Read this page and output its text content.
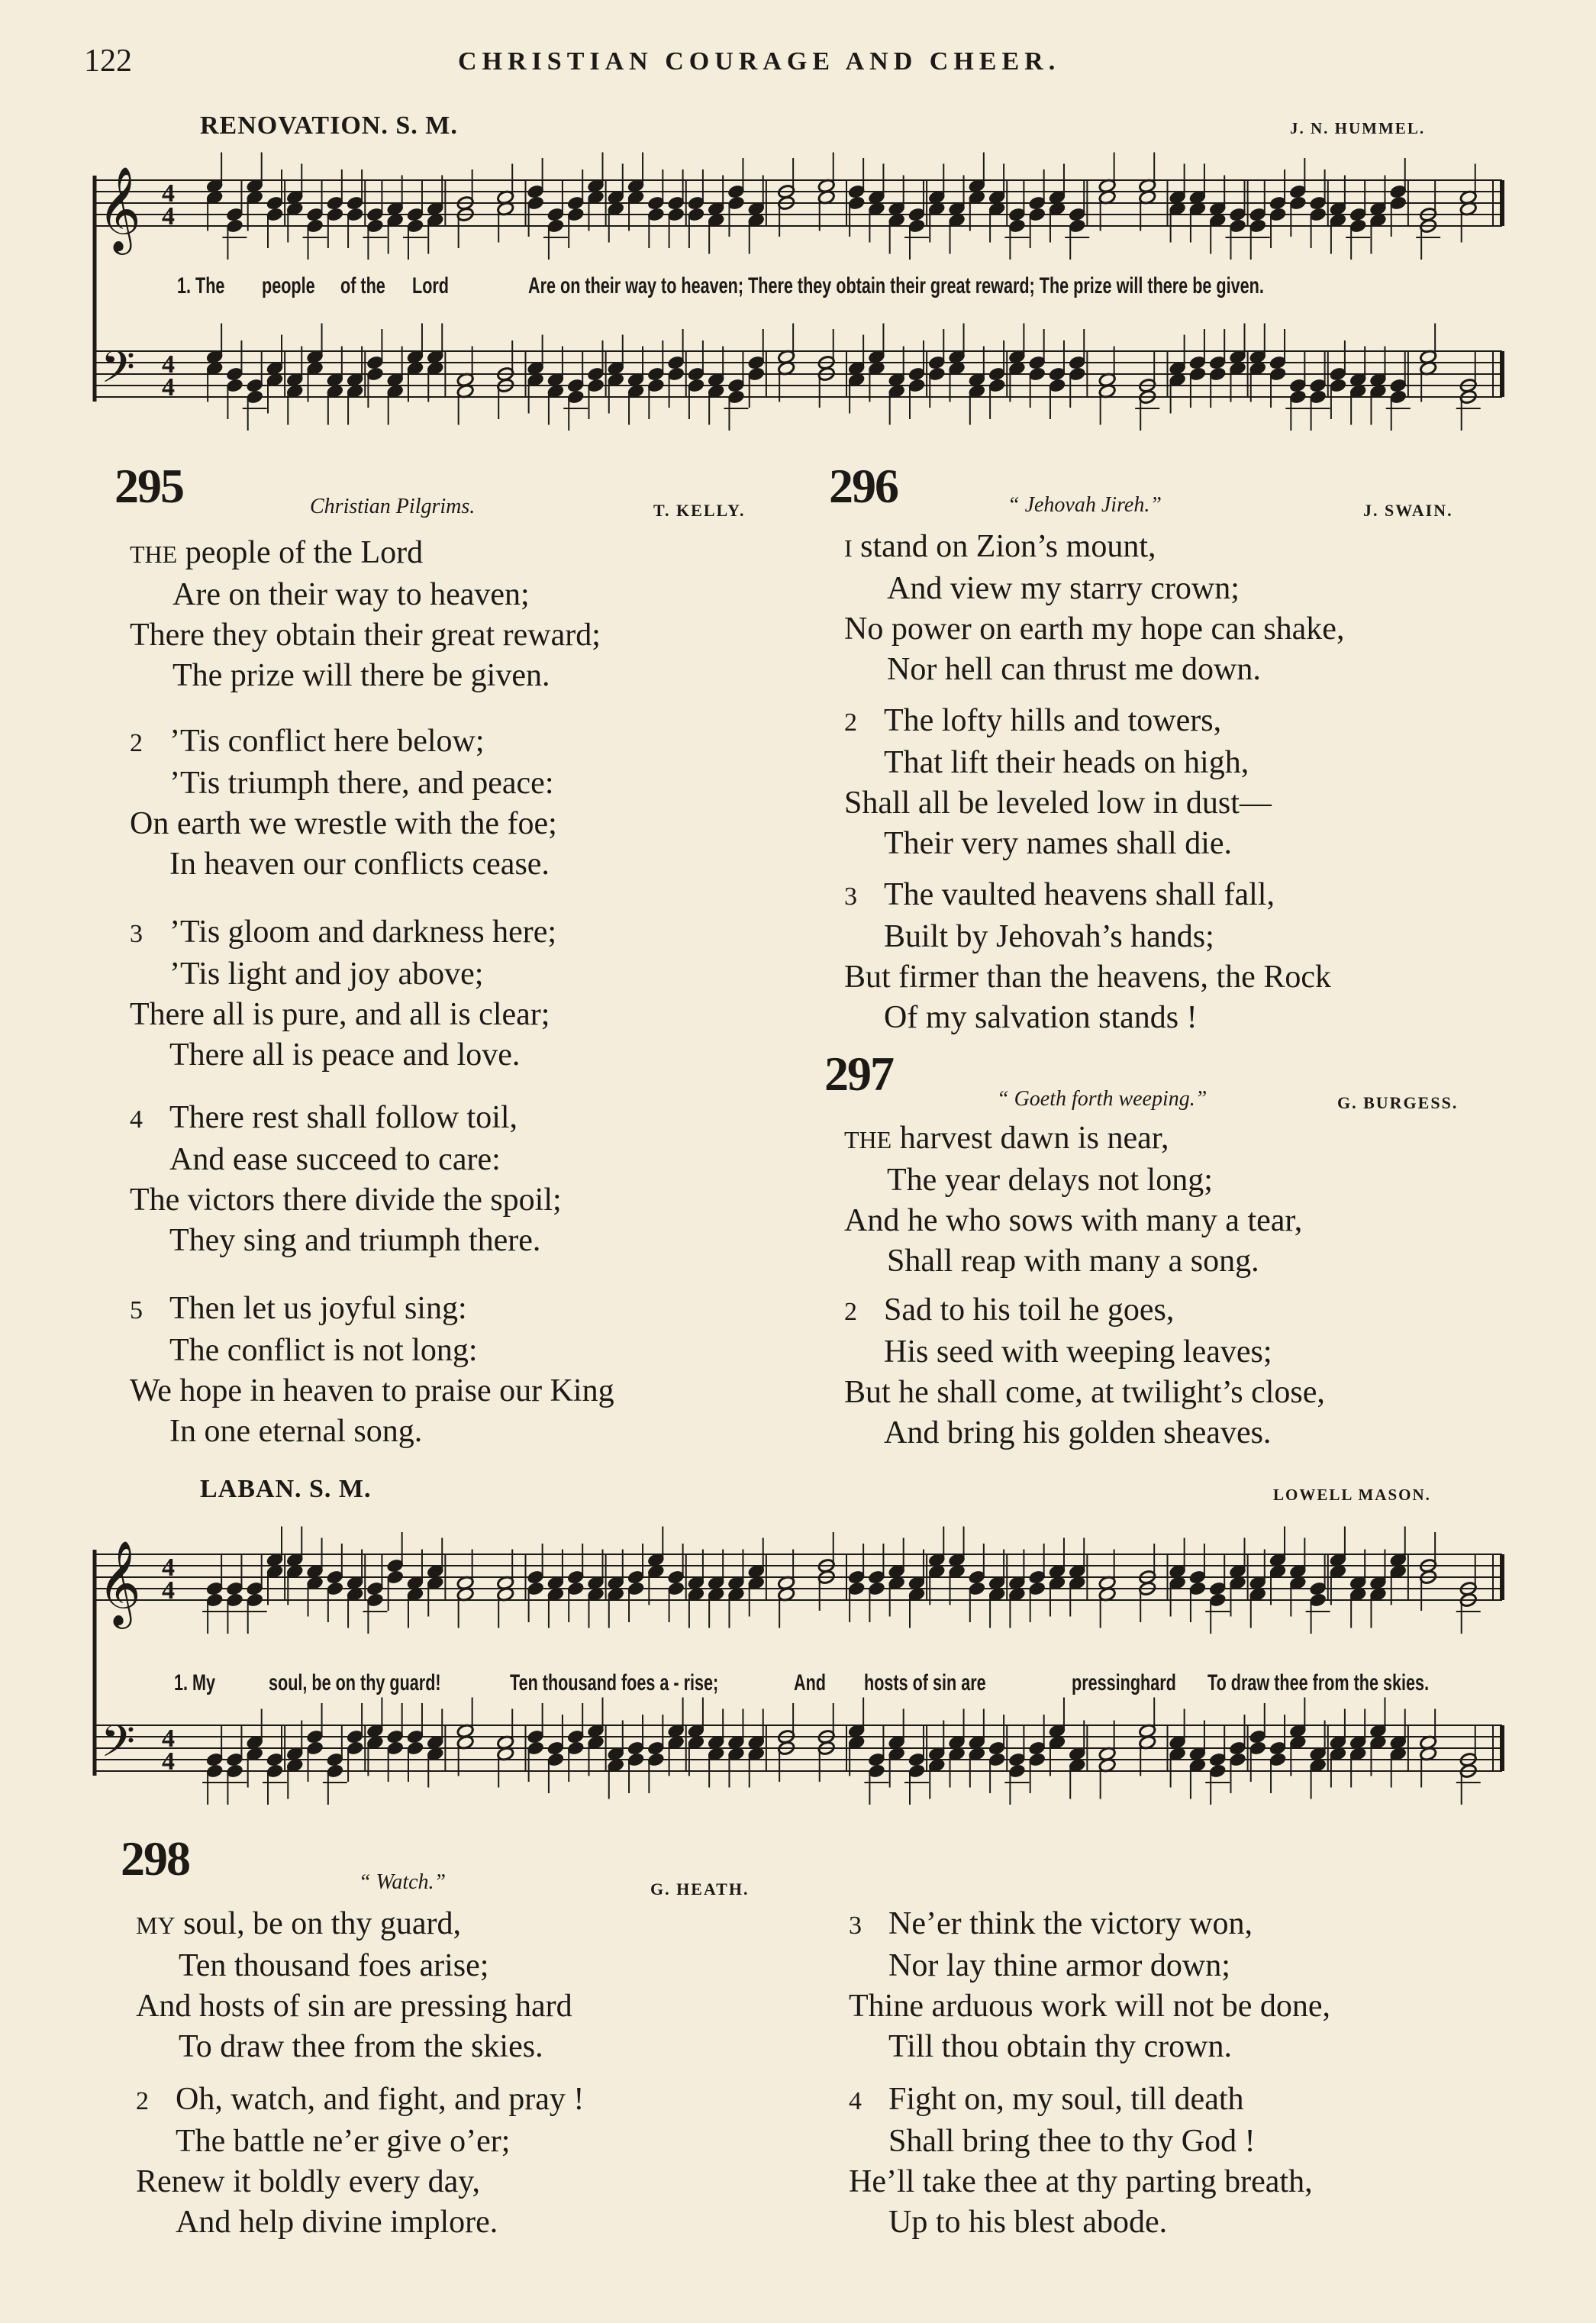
122	CHRISTIAN COURAGE AND CHEER.
RENOVATION. S. M.	J. N. HUMMEL.
𝄞
𝄢
4
4
4
4
1. The people of the Lord	Are on their way to heaven; There they obtain their great reward; The prize will there be given.
295	Christian Pilgrims.	T. KELLY.
THE people of the Lord
Are on their way to heaven;
There they obtain their great reward;
The prize will there be given.
2 ’Tis conflict here below;
’Tis triumph there, and peace:
On earth we wrestle with the foe;
In heaven our conflicts cease.
3 ’Tis gloom and darkness here;
’Tis light and joy above;
There all is pure, and all is clear;
There all is peace and love.
4 There rest shall follow toil,
And ease succeed to care:
The victors there divide the spoil;
They sing and triumph there.
5 Then let us joyful sing:
The conflict is not long:
We hope in heaven to praise our King
In one eternal song.
296	“ Jehovah Jireh.”	J. SWAIN.
I stand on Zion’s mount,
And view my starry crown;
No power on earth my hope can shake,
Nor hell can thrust me down.
2 The lofty hills and towers,
That lift their heads on high,
Shall all be leveled low in dust—
Their very names shall die.
3 The vaulted heavens shall fall,
Built by Jehovah’s hands;
But firmer than the heavens, the Rock
Of my salvation stands !
297	“ Goeth forth weeping.”	G. BURGESS.
THE harvest dawn is near,
The year delays not long;
And he who sows with many a tear,
Shall reap with many a song.
2 Sad to his toil he goes,
His seed with weeping leaves;
But he shall come, at twilight’s close,
And bring his golden sheaves.
LABAN. S. M.	LOWELL MASON.
𝄞
𝄢
4
4
4
4
1. My soul, be on thy guard!	Ten thousand foes a - rise;	And hosts of sin are	pressing hard To draw thee from the skies.
298	“ Watch.”	G. HEATH.
MY soul, be on thy guard,
Ten thousand foes arise;
And hosts of sin are pressing hard
To draw thee from the skies.
2 Oh, watch, and fight, and pray !
The battle ne’er give o’er;
Renew it boldly every day,
And help divine implore.
3 Ne’er think the victory won,
Nor lay thine armor down;
Thine arduous work will not be done,
Till thou obtain thy crown.
4 Fight on, my soul, till death
Shall bring thee to thy God !
He’ll take thee at thy parting breath,
Up to his blest abode.
